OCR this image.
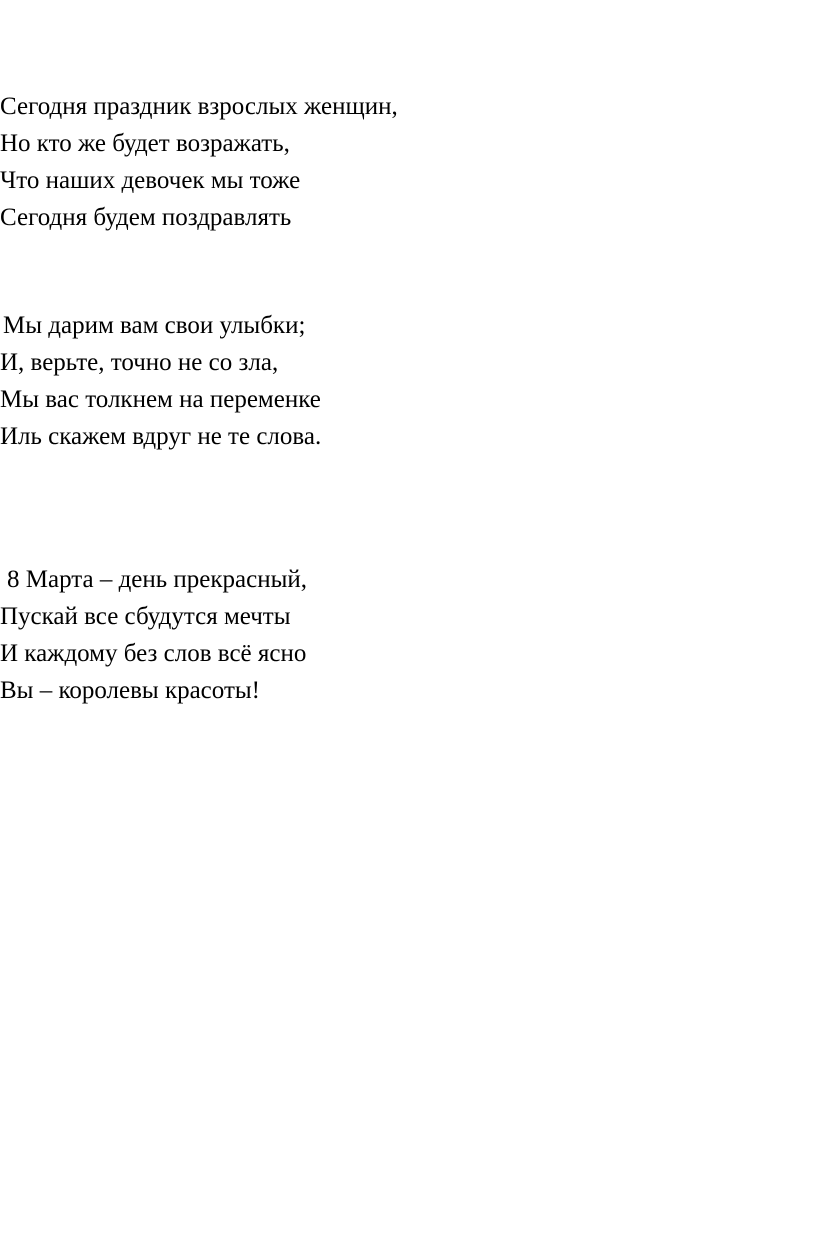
Сегодня праздник взрослых женщин,
Но кто же будет возражать,
Что наших девочек мы тоже
Сегодня будем поздравлять
Мы дарим вам свои улыбки;
И, верьте, точно не со зла,
Мы вас толкнем на переменке
Иль скажем вдруг не те слова.
8 Марта – день прекрасный,
Пускай все сбудутся мечты
И каждому без слов всё ясно
Вы – королевы красоты!
